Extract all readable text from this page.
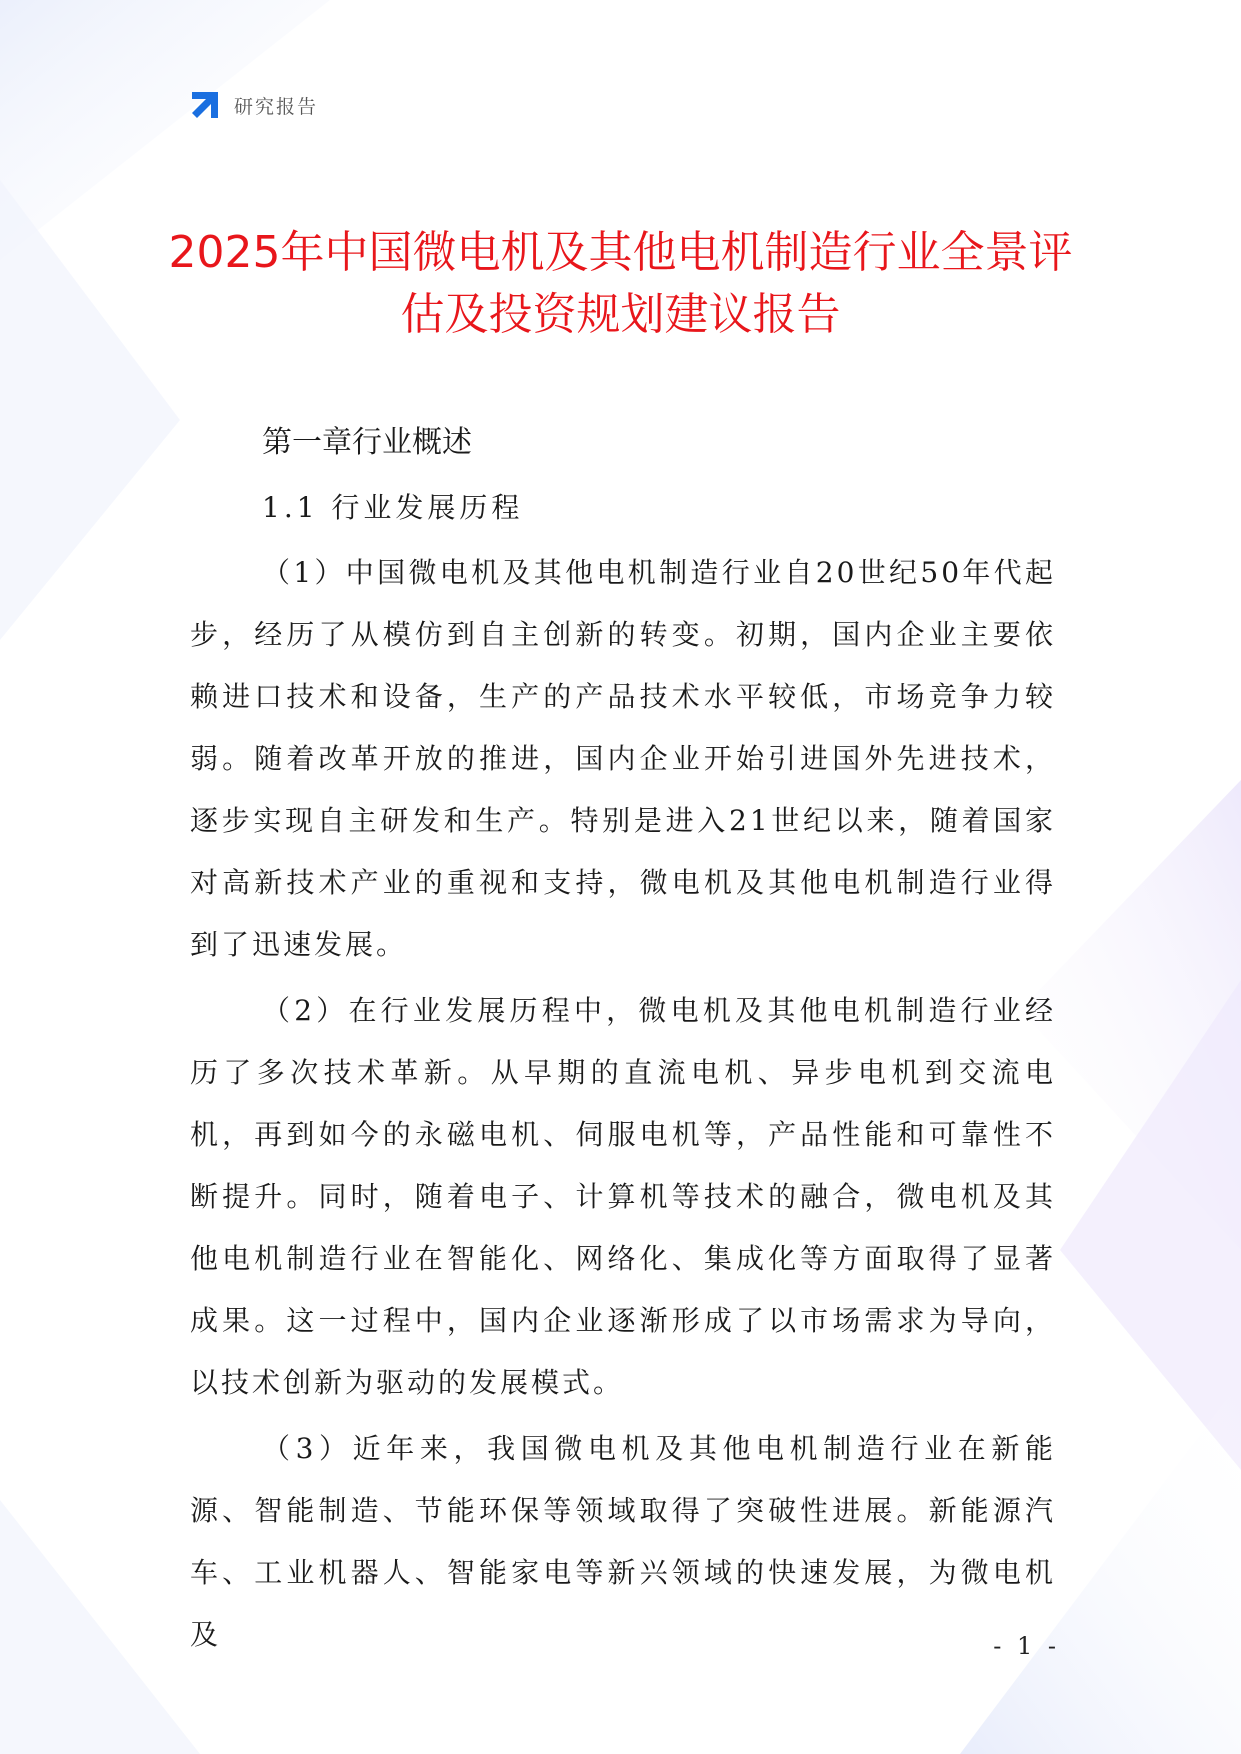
研究报告
2025年中国微电机及其他电机制造行业全景评估及投资规划建议报告
第一章行业概述
1.1 行业发展历程

（1）中国微电机及其他电机制造行业自20世纪50年代起步，经历了从模仿到自主创新的转变。初期，国内企业主要依赖进口技术和设备，生产的产品技术水平较低，市场竞争力较弱。随着改革开放的推进，国内企业开始引进国外先进技术，逐步实现自主研发和生产。特别是进入21世纪以来，随着国家对高新技术产业的重视和支持，微电机及其他电机制造行业得到了迅速发展。

（2）在行业发展历程中，微电机及其他电机制造行业经历了多次技术革新。从早期的直流电机、异步电机到交流电机，再到如今的永磁电机、伺服电机等，产品性能和可靠性不断提升。同时，随着电子、计算机等技术的融合，微电机及其他电机制造行业在智能化、网络化、集成化等方面取得了显著成果。这一过程中，国内企业逐渐形成了以市场需求为导向，以技术创新为驱动的发展模式。

（3）近年来，我国微电机及其他电机制造行业在新能源、智能制造、节能环保等领域取得了突破性进展。新能源汽车、工业机器人、智能家电等新兴领域的快速发展，为微电机及	- 1 -
